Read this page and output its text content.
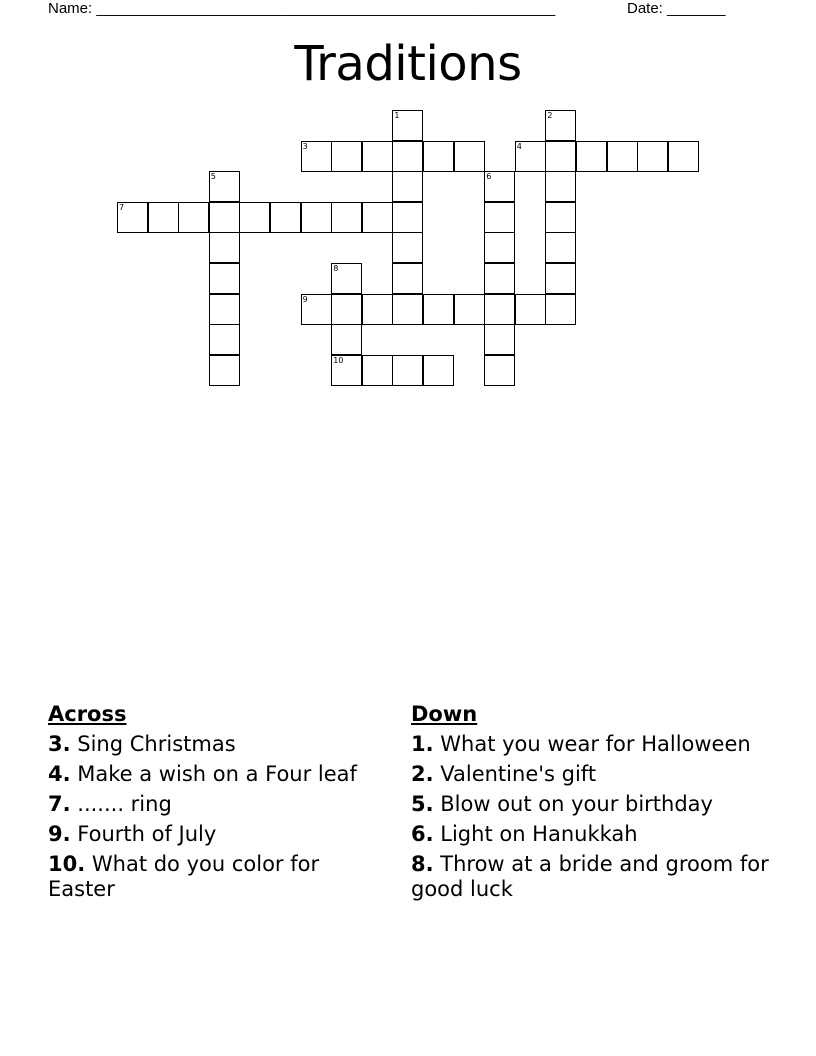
Name: _______________________________________________________	Date: _______
Traditions
1	2
3	4
5	6
7
8
9
10
Across
3. Sing Christmas
4. Make a wish on a Four leaf
7. ....... ring
9. Fourth of July
10. What do you color for Easter
Down
1. What you wear for Halloween
2. Valentine's gift
5. Blow out on your birthday
6. Light on Hanukkah
8. Throw at a bride and groom for good luck
